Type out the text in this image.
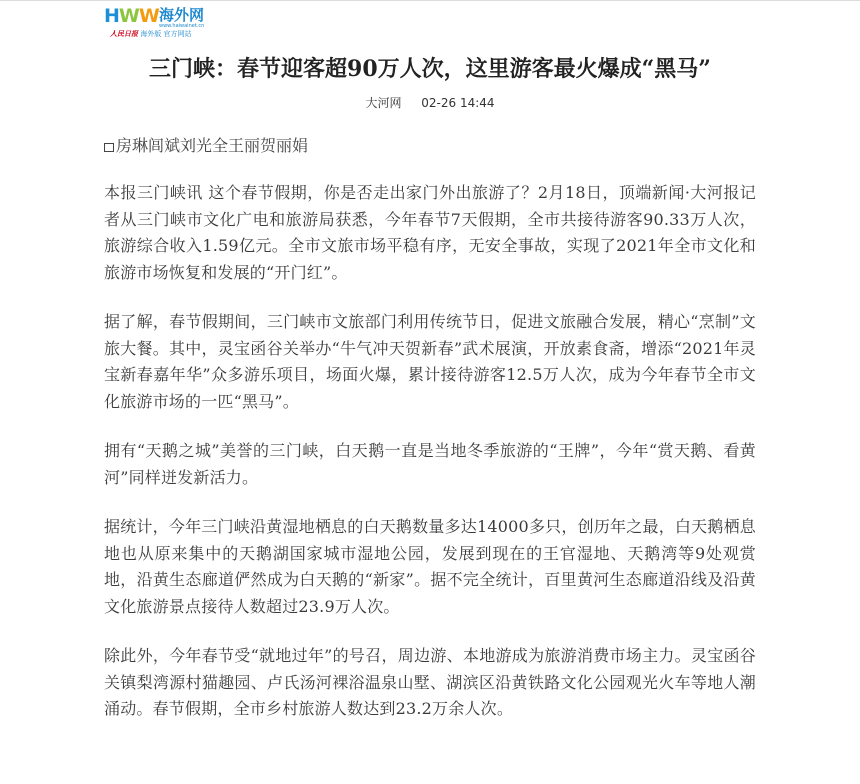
HWW 海外网
www.haiwainet.cn
人民日报 海外版 官方网站
三门峡：春节迎客超90万人次，这里游客最火爆成“黑马”
大河网 02-26 14:44

房琳闾斌刘光全王丽贺丽娟

本报三门峡讯 这个春节假期，你是否走出家门外出旅游了？2月18日，顶端新闻·大河报记者从三门峡市文化广电和旅游局获悉，今年春节7天假期，全市共接待游客90.33万人次，旅游综合收入1.59亿元。全市文旅市场平稳有序，无安全事故，实现了2021年全市文化和旅游市场恢复和发展的“开门红”。

据了解，春节假期间，三门峡市文旅部门利用传统节日，促进文旅融合发展，精心“烹制”文旅大餐。其中，灵宝函谷关举办“牛气冲天贺新春”武术展演，开放素食斋，增添“2021年灵宝新春嘉年华”众多游乐项目，场面火爆，累计接待游客12.5万人次，成为今年春节全市文化旅游市场的一匹“黑马”。

拥有“天鹅之城”美誉的三门峡，白天鹅一直是当地冬季旅游的“王牌”，今年“赏天鹅、看黄河”同样迸发新活力。

据统计，今年三门峡沿黄湿地栖息的白天鹅数量多达14000多只，创历年之最，白天鹅栖息地也从原来集中的天鹅湖国家城市湿地公园，发展到现在的王官湿地、天鹅湾等9处观赏地，沿黄生态廊道俨然成为白天鹅的“新家”。据不完全统计，百里黄河生态廊道沿线及沿黄文化旅游景点接待人数超过23.9万人次。

除此外，今年春节受“就地过年”的号召，周边游、本地游成为旅游消费市场主力。灵宝函谷关镇梨湾源村猫趣园、卢氏汤河裸浴温泉山墅、湖滨区沿黄铁路文化公园观光火车等地人潮涌动。春节假期，全市乡村旅游人数达到23.2万余人次。
